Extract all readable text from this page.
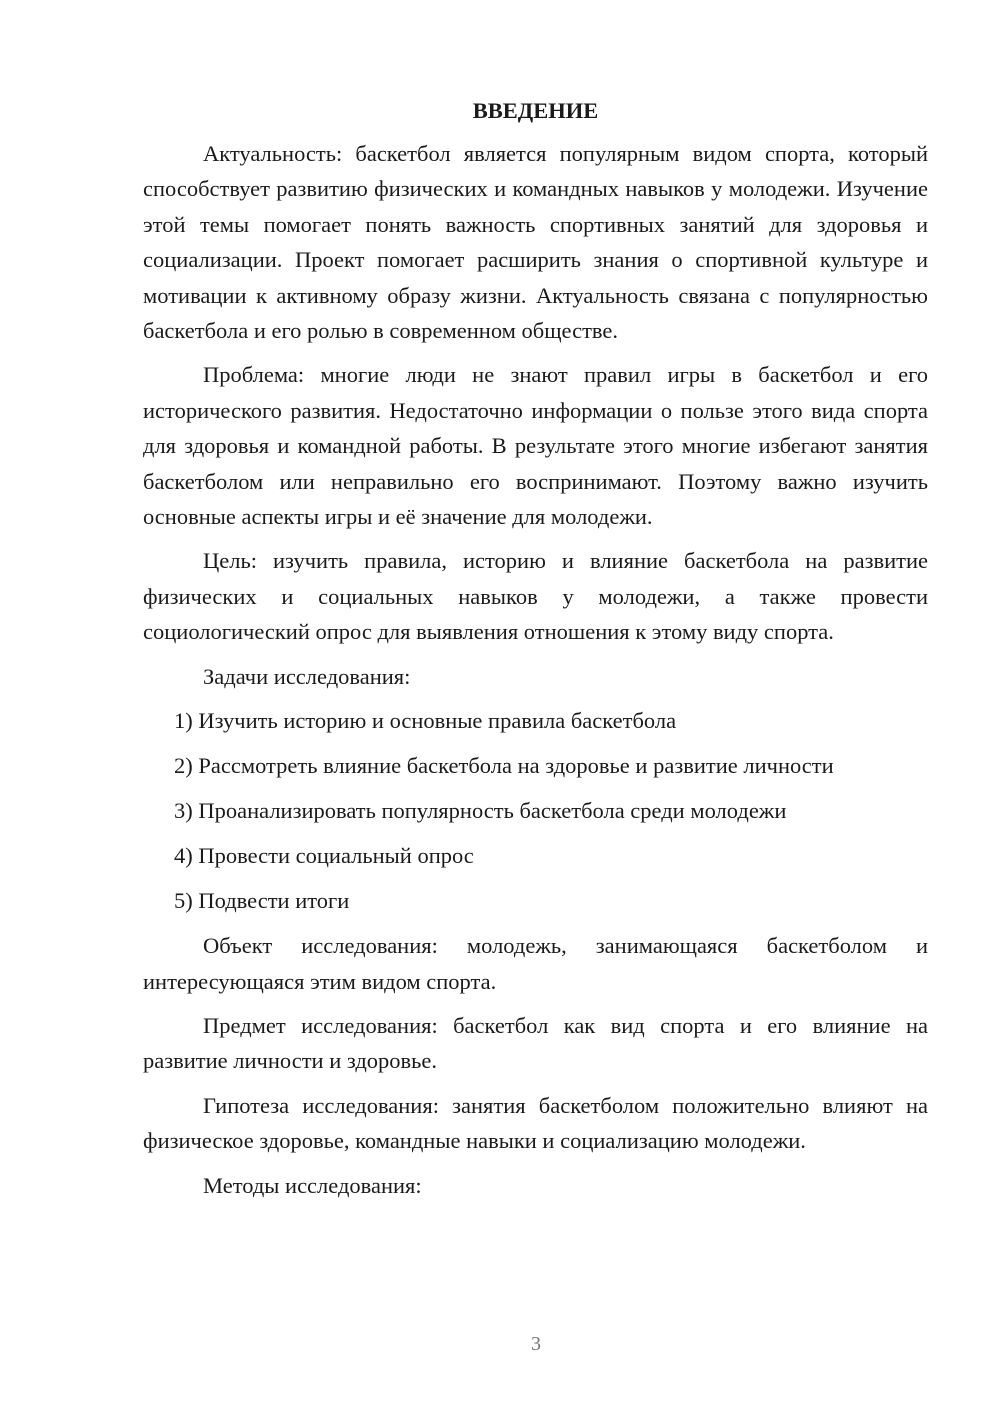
ВВЕДЕНИЕ

Актуальность: баскетбол является популярным видом спорта, который способствует развитию физических и командных навыков у молодежи. Изучение этой темы помогает понять важность спортивных занятий для здоровья и социализации. Проект помогает расширить знания о спортивной культуре и мотивации к активному образу жизни. Актуальность связана с популярностью баскетбола и его ролью в современном обществе.

Проблема: многие люди не знают правил игры в баскетбол и его исторического развития. Недостаточно информации о пользе этого вида спорта для здоровья и командной работы. В результате этого многие избегают занятия баскетболом или неправильно его воспринимают. Поэтому важно изучить основные аспекты игры и её значение для молодежи.

Цель: изучить правила, историю и влияние баскетбола на развитие физических и социальных навыков у молодежи, а также провести социологический опрос для выявления отношения к этому виду спорта.

Задачи исследования:

1) Изучить историю и основные правила баскетбола
2) Рассмотреть влияние баскетбола на здоровье и развитие личности
3) Проанализировать популярность баскетбола среди молодежи
4) Провести социальный опрос
5) Подвести итоги

Объект исследования: молодежь, занимающаяся баскетболом и интересующаяся этим видом спорта.

Предмет исследования: баскетбол как вид спорта и его влияние на развитие личности и здоровье.

Гипотеза исследования: занятия баскетболом положительно влияют на физическое здоровье, командные навыки и социализацию молодежи.

Методы исследования:

3
